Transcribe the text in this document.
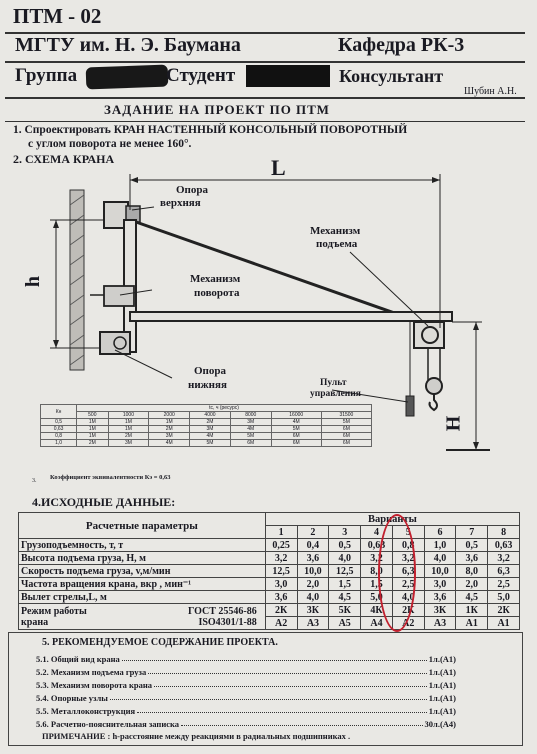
ПТМ - 02
МГТУ им. Н. Э. Баумана	Кафедра РК-3
Группа	Студент	Консультант
Шубин А.Н.
ЗАДАНИЕ НА ПРОЕКТ ПО ПТМ
1. Спроектировать КРАН НАСТЕННЫЙ КОНСОЛЬНЫЙ ПОВОРОТНЫЙ
с углом поворота не менее 160°.
2. СХЕМА КРАНА	L
h
H
Опора
верхняя
Механизм
подъема
Механизм
поворота
Опора
нижняя	Пульт
управления
Кн	tc, ч (ресурс)						
	500	1000	2000	4000	8000	16000	31500
0,5	1М	1М	1М	2М	3М	4М	5М
0,63	1М	1М	2М	3М	4М	5М	6М
0,8	1М	2М	3М	4М	5М	6М	6М
1,0	2М	3М	4М	5М	6М	6М	6М
3. Коэффициент эквивалентности Кэ = 0,63
4.ИСХОДНЫЕ ДАННЫЕ:
Расчетные параметры	Варианты							
	1	2	3	4	5	6	7	8
Грузоподъемность, т, т	0,25	0,4	0,5	0,63	0,8	1,0	0,5	0,63
Высота подъема груза, Н, м	3,2	3,6	4,0	3,2	3,2	4,0	3,6	3,2
Скорость подъема груза, v,м/мин	12,5	10,0	12,5	8,0	6,3	10,0	8,0	6,3
Частота вращения крана, вкр , мин⁻¹	3,0	2,0	1,5	1,5	2,5	3,0	2,0	2,5
Вылет стрелы,L, м	3,6	4,0	4,5	5,0	4,0	3,6	4,5	5,0

Режим работы ГОСТ 25546-86
крана ISO4301/1-88	2К	3К	5К	4К	2К	3К	1К	2К
	А2	А3	А5	А4	А2	А3	А1	А1

5. РЕКОМЕНДУЕМОЕ СОДЕРЖАНИЕ ПРОЕКТА.
5.1. Общий вид крана	1л.(А1)
5.2. Механизм подъема груза	1л.(А1)
5.3. Механизм поворота крана	1л.(А1)
5.4. Опорные узлы	1л.(А1)
5.5. Металлоконструкция	1л.(А1)
5.6. Расчетно-пояснительная записка	30л.(А4)
ПРИМЕЧАНИЕ : h-расстояние между реакциями в радиальных подшипниках .
